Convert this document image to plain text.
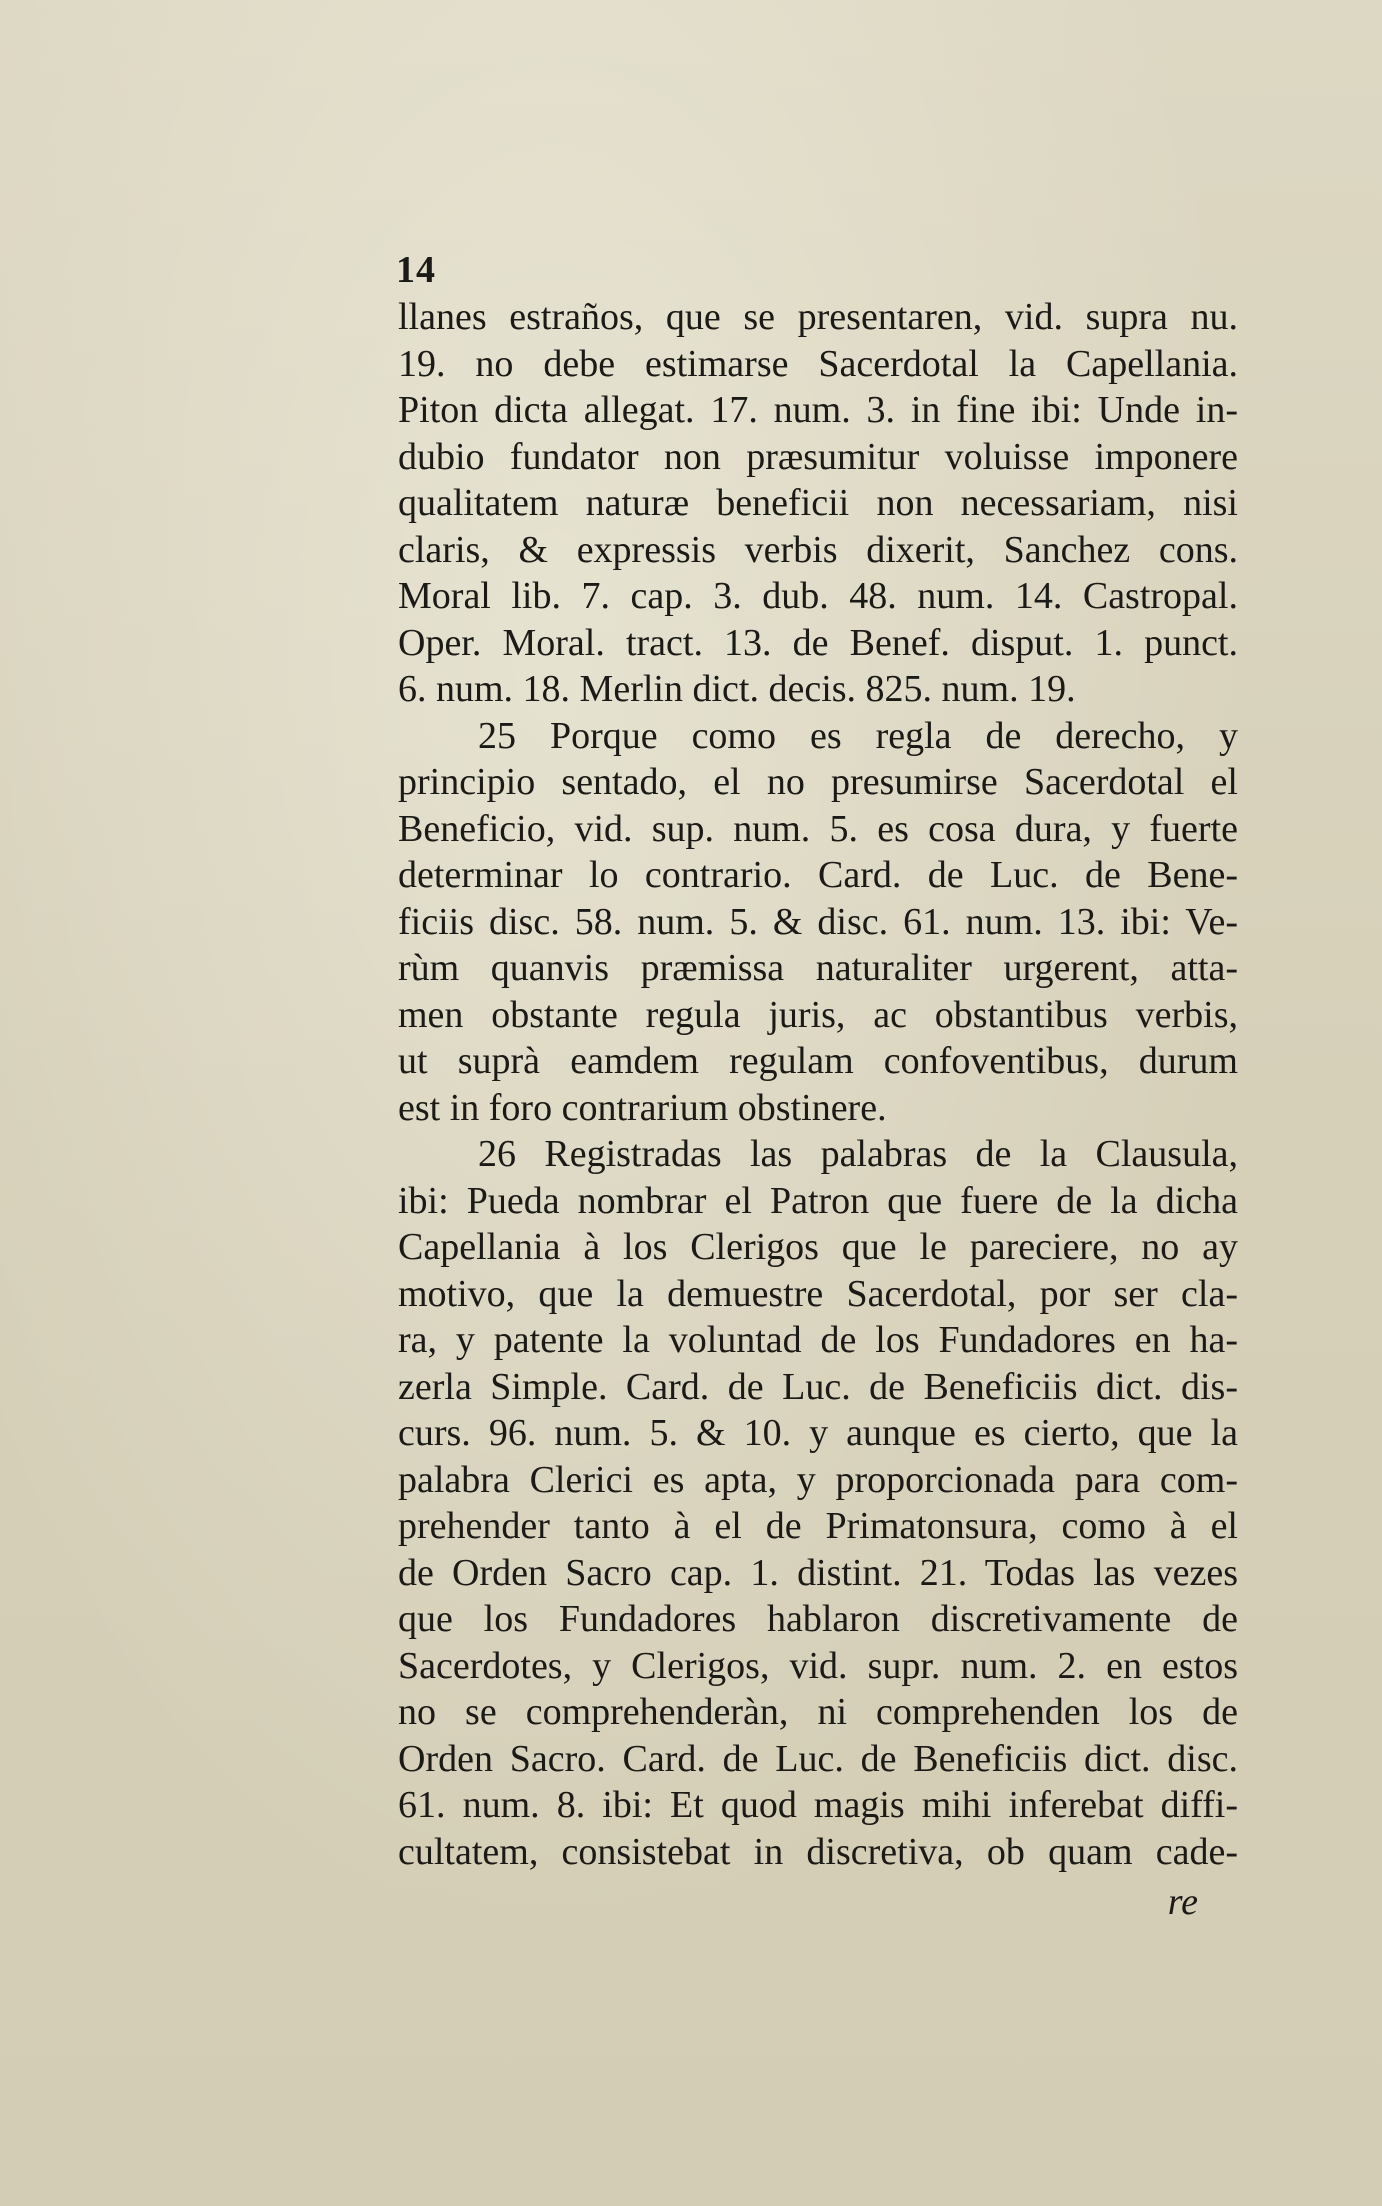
14
llanes estraños, que se presentaren, vid. supra nu.
19. no debe estimarse Sacerdotal la Capellania.
Piton dicta allegat. 17. num. 3. in fine ibi: Unde in-
dubio fundator non præsumitur voluisse imponere
qualitatem naturæ beneficii non necessariam, nisi
claris, & expressis verbis dixerit, Sanchez cons.
Moral lib. 7. cap. 3. dub. 48. num. 14. Castropal.
Oper. Moral. tract. 13. de Benef. disput. 1. punct.
6. num. 18. Merlin dict. decis. 825. num. 19.
25 Porque como es regla de derecho, y
principio sentado, el no presumirse Sacerdotal el
Beneficio, vid. sup. num. 5. es cosa dura, y fuerte
determinar lo contrario. Card. de Luc. de Bene-
ficiis disc. 58. num. 5. & disc. 61. num. 13. ibi: Ve-
rùm quanvis præmissa naturaliter urgerent, atta-
men obstante regula juris, ac obstantibus verbis,
ut suprà eamdem regulam confoventibus, durum
est in foro contrarium obstinere.
26 Registradas las palabras de la Clausula,
ibi: Pueda nombrar el Patron que fuere de la dicha
Capellania à los Clerigos que le pareciere, no ay
motivo, que la demuestre Sacerdotal, por ser cla-
ra, y patente la voluntad de los Fundadores en ha-
zerla Simple. Card. de Luc. de Beneficiis dict. dis-
curs. 96. num. 5. & 10. y aunque es cierto, que la
palabra Clerici es apta, y proporcionada para com-
prehender tanto à el de Primatonsura, como à el
de Orden Sacro cap. 1. distint. 21. Todas las vezes
que los Fundadores hablaron discretivamente de
Sacerdotes, y Clerigos, vid. supr. num. 2. en estos
no se comprehenderàn, ni comprehenden los de
Orden Sacro. Card. de Luc. de Beneficiis dict. disc.
61. num. 8. ibi: Et quod magis mihi inferebat diffi-
cultatem, consistebat in discretiva, ob quam cade-
re
